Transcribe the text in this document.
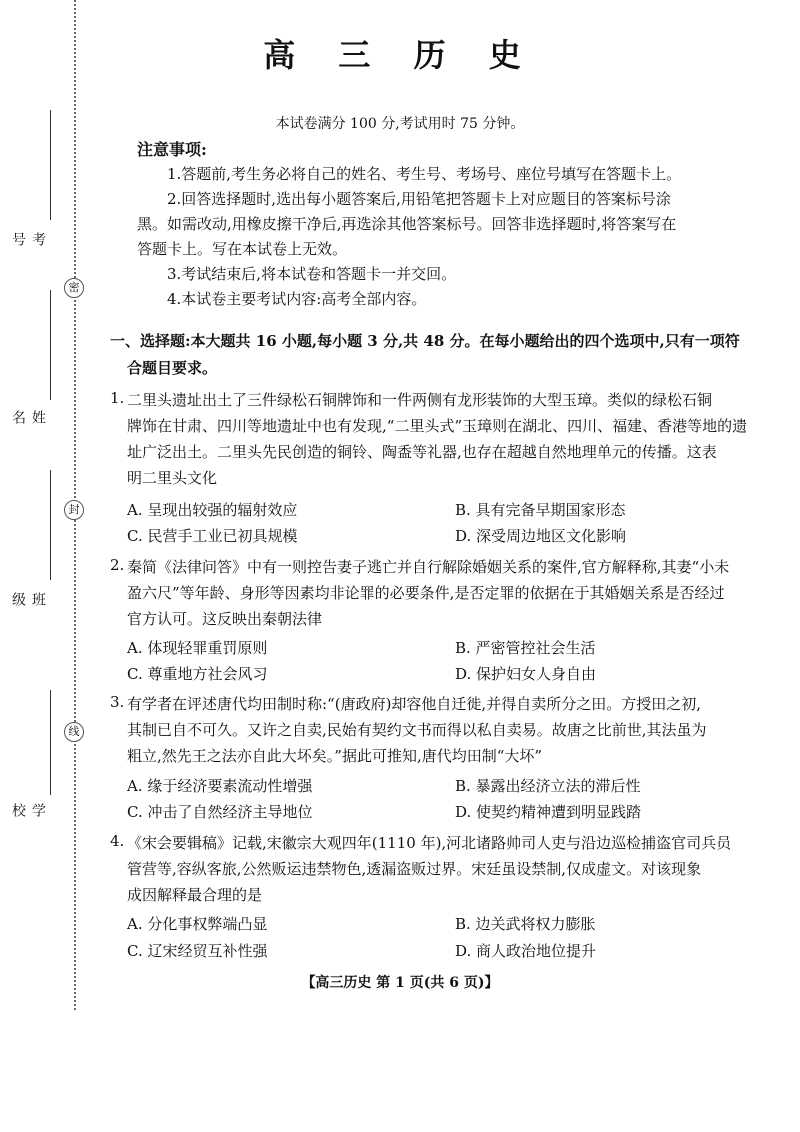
密
封
线
考号
姓名
班级
学校
高 三 历 史
本试卷满分 100 分,考试用时 75 分钟。
注意事项:
1.答题前,考生务必将自己的姓名、考生号、考场号、座位号填写在答题卡上。
2.回答选择题时,选出每小题答案后,用铅笔把答题卡上对应题目的答案标号涂
黑。如需改动,用橡皮擦干净后,再选涂其他答案标号。回答非选择题时,将答案写在
答题卡上。写在本试卷上无效。
3.考试结束后,将本试卷和答题卡一并交回。
4.本试卷主要考试内容:高考全部内容。
一、选择题:本大题共 16 小题,每小题 3 分,共 48 分。在每小题给出的四个选项中,只有一项符
合题目要求。
1. 二里头遗址出土了三件绿松石铜牌饰和一件两侧有龙形装饰的大型玉璋。类似的绿松石铜
牌饰在甘肃、四川等地遗址中也有发现,“二里头式”玉璋则在湖北、四川、福建、香港等地的遗
址广泛出土。二里头先民创造的铜铃、陶盉等礼器,也存在超越自然地理单元的传播。这表
明二里头文化
A. 呈现出较强的辐射效应	B. 具有完备早期国家形态
C. 民营手工业已初具规模	D. 深受周边地区文化影响
2. 秦简《法律问答》中有一则控告妻子逃亡并自行解除婚姻关系的案件,官方解释称,其妻“小未
盈六尺”等年龄、身形等因素均非论罪的必要条件,是否定罪的依据在于其婚姻关系是否经过
官方认可。这反映出秦朝法律
A. 体现轻罪重罚原则	B. 严密管控社会生活
C. 尊重地方社会风习	D. 保护妇女人身自由
3. 有学者在评述唐代均田制时称:“(唐政府)却容他自迁徙,并得自卖所分之田。方授田之初,
其制已自不可久。又许之自卖,民始有契约文书而得以私自卖易。故唐之比前世,其法虽为
粗立,然先王之法亦自此大坏矣。”据此可推知,唐代均田制“大坏”
A. 缘于经济要素流动性增强	B. 暴露出经济立法的滞后性
C. 冲击了自然经济主导地位	D. 使契约精神遭到明显践踏
4. 《宋会要辑稿》记载,宋徽宗大观四年(1110 年),河北诸路帅司人吏与沿边巡检捕盗官司兵员
管营等,容纵客旅,公然贩运违禁物色,透漏盗贩过界。宋廷虽设禁制,仅成虚文。对该现象
成因解释最合理的是
A. 分化事权弊端凸显	B. 边关武将权力膨胀
C. 辽宋经贸互补性强	D. 商人政治地位提升
【高三历史 第 1 页(共 6 页)】
